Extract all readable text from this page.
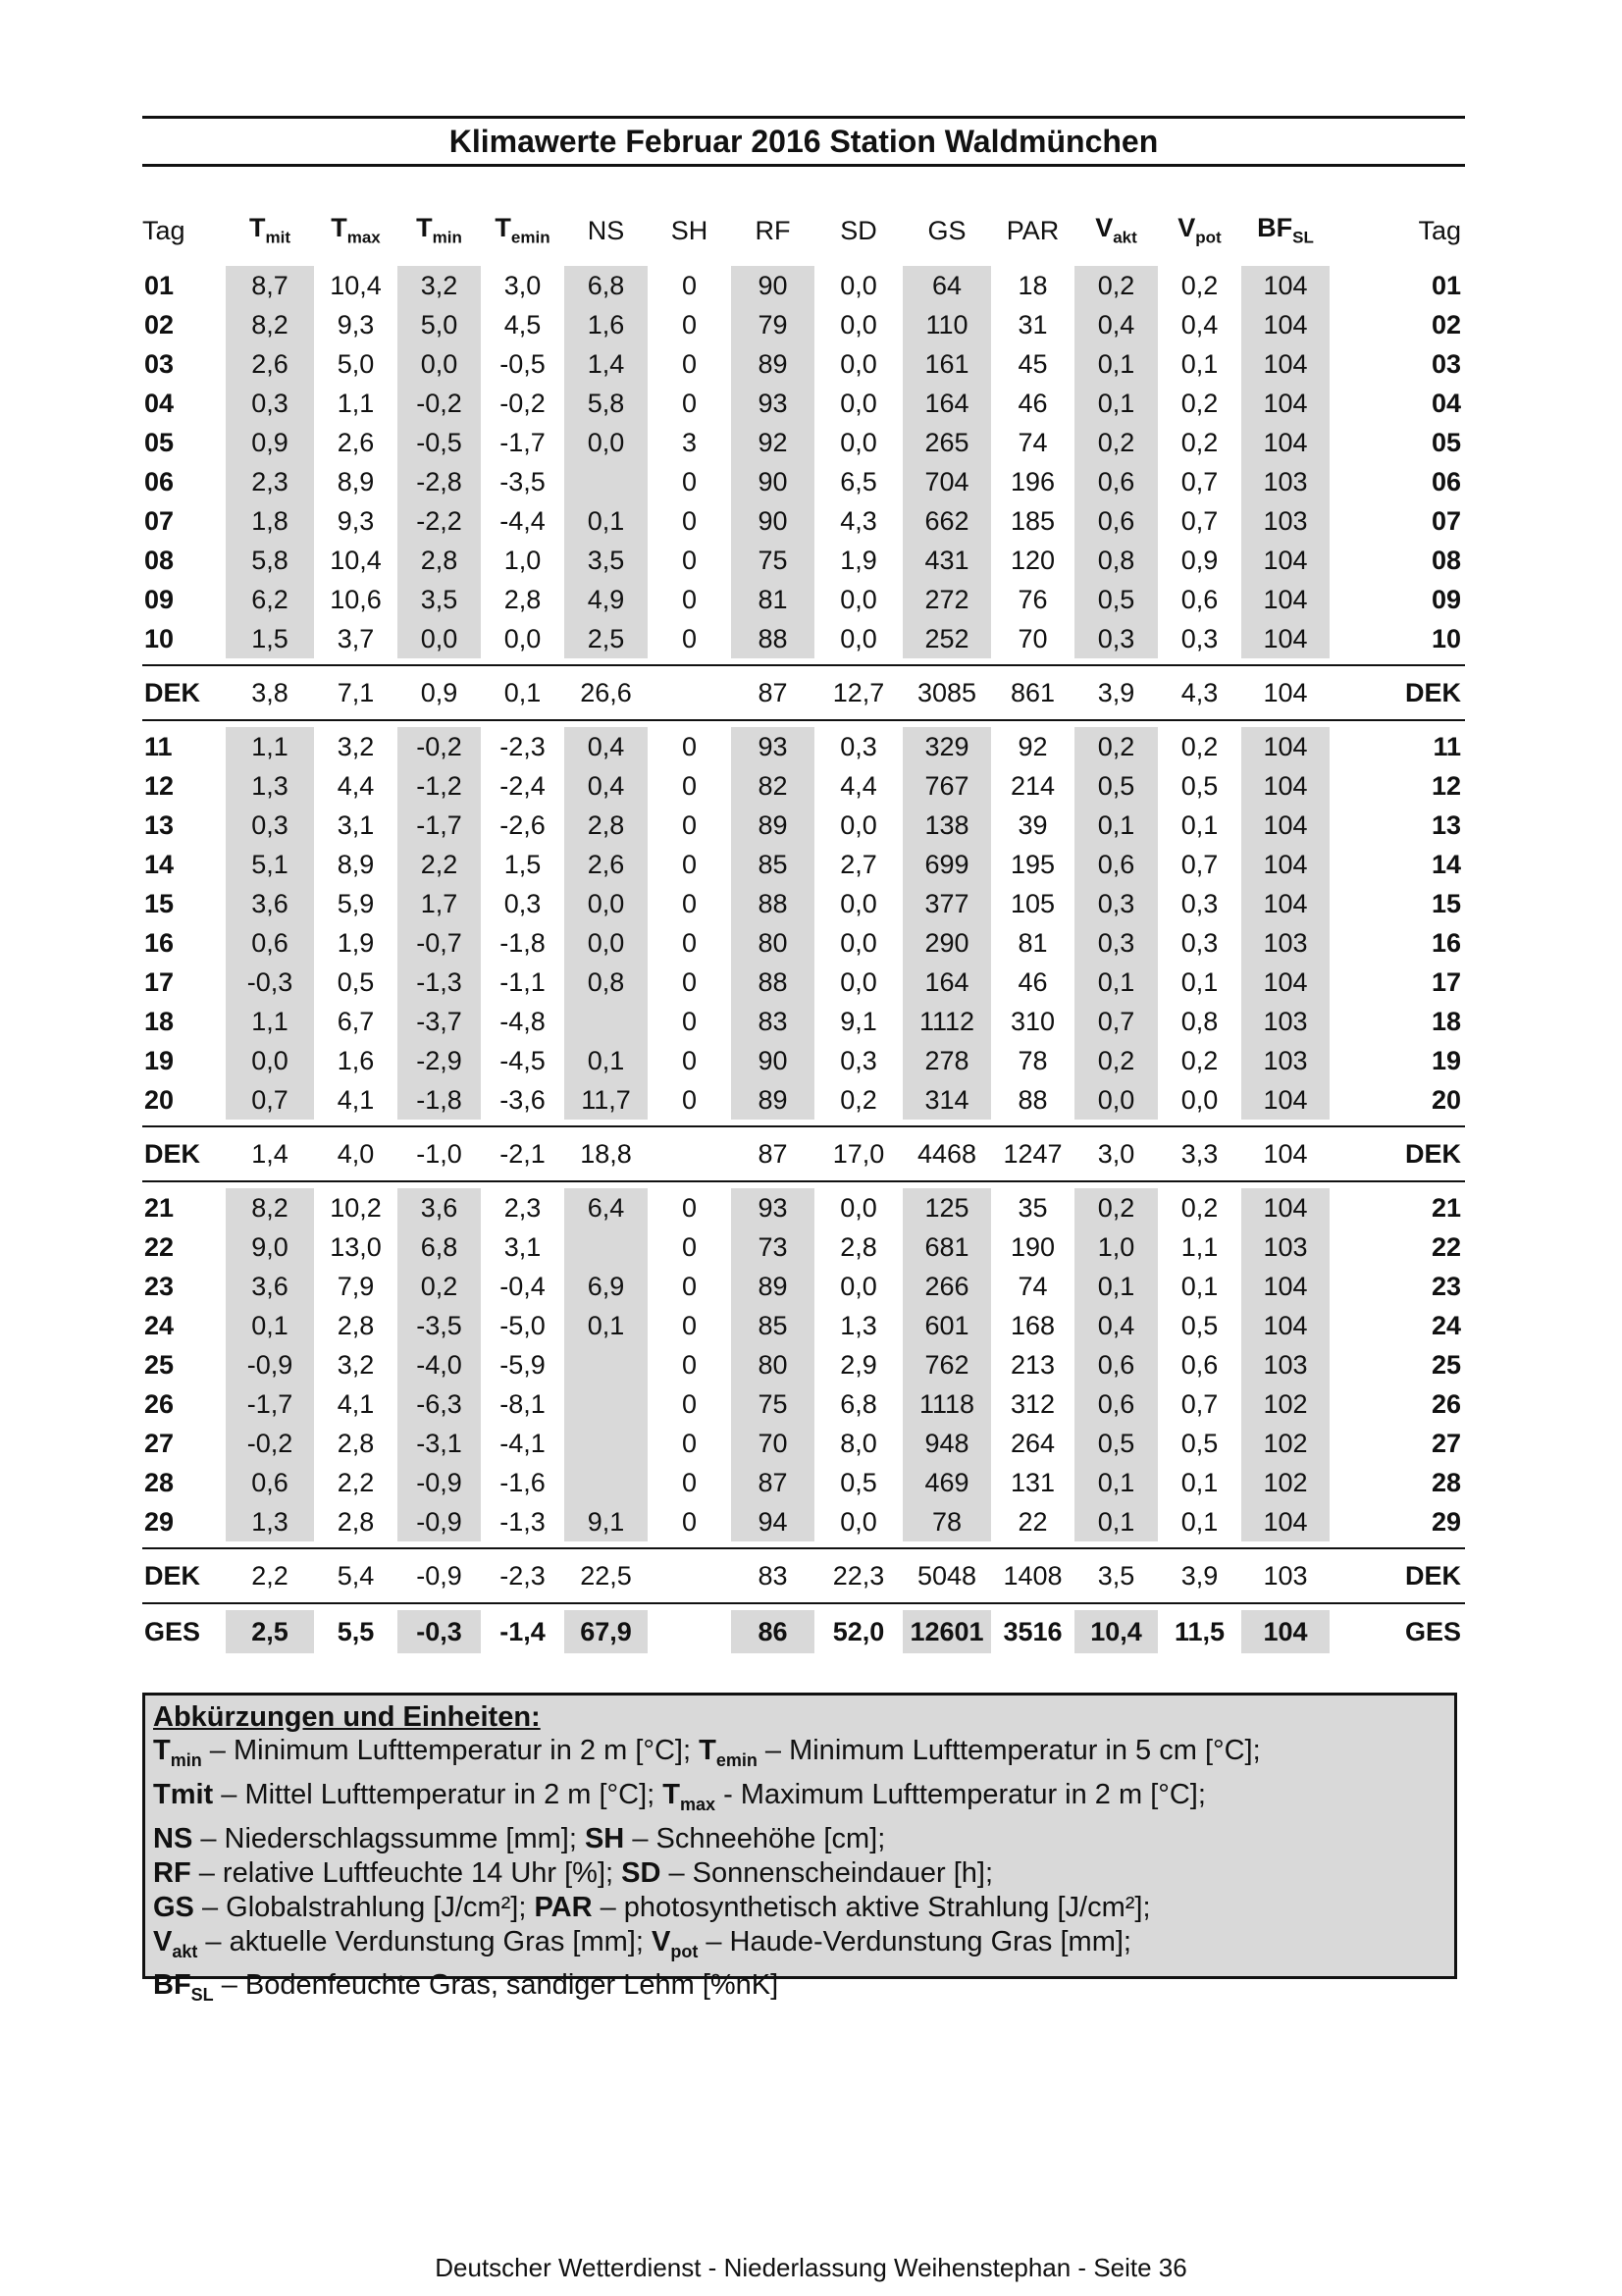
Klimawerte Februar 2016 Station Waldmünchen
Tag	$T_{mit}$	$T_{max}$	$T_{min}$	$T_{emin}$	NS	SH	RF	SD	GS	PAR	$V_{akt}$	$V_{pot}$	$BF_{SL}$	Tag

01	8,7	10,4	3,2	3,0	6,8	0	90	0,0	64	18	0,2	0,2	104	01
02	8,2	9,3	5,0	4,5	1,6	0	79	0,0	110	31	0,4	0,4	104	02
03	2,6	5,0	0,0	-0,5	1,4	0	89	0,0	161	45	0,1	0,1	104	03
04	0,3	1,1	-0,2	-0,2	5,8	0	93	0,0	164	46	0,1	0,2	104	04
05	0,9	2,6	-0,5	-1,7	0,0	3	92	0,0	265	74	0,2	0,2	104	05
06	2,3	8,9	-2,8	-3,5		0	90	6,5	704	196	0,6	0,7	103	06
07	1,8	9,3	-2,2	-4,4	0,1	0	90	4,3	662	185	0,6	0,7	103	07
08	5,8	10,4	2,8	1,0	3,5	0	75	1,9	431	120	0,8	0,9	104	08
09	6,2	10,6	3,5	2,8	4,9	0	81	0,0	272	76	0,5	0,6	104	09
10	1,5	3,7	0,0	0,0	2,5	0	88	0,0	252	70	0,3	0,3	104	10

DEK	3,8	7,1	0,9	0,1	26,6		87	12,7	3085	861	3,9	4,3	104	DEK

11	1,1	3,2	-0,2	-2,3	0,4	0	93	0,3	329	92	0,2	0,2	104	11
12	1,3	4,4	-1,2	-2,4	0,4	0	82	4,4	767	214	0,5	0,5	104	12
13	0,3	3,1	-1,7	-2,6	2,8	0	89	0,0	138	39	0,1	0,1	104	13
14	5,1	8,9	2,2	1,5	2,6	0	85	2,7	699	195	0,6	0,7	104	14
15	3,6	5,9	1,7	0,3	0,0	0	88	0,0	377	105	0,3	0,3	104	15
16	0,6	1,9	-0,7	-1,8	0,0	0	80	0,0	290	81	0,3	0,3	103	16
17	-0,3	0,5	-1,3	-1,1	0,8	0	88	0,0	164	46	0,1	0,1	104	17
18	1,1	6,7	-3,7	-4,8		0	83	9,1	1112	310	0,7	0,8	103	18
19	0,0	1,6	-2,9	-4,5	0,1	0	90	0,3	278	78	0,2	0,2	103	19
20	0,7	4,1	-1,8	-3,6	11,7	0	89	0,2	314	88	0,0	0,0	104	20

DEK	1,4	4,0	-1,0	-2,1	18,8		87	17,0	4468	1247	3,0	3,3	104	DEK

21	8,2	10,2	3,6	2,3	6,4	0	93	0,0	125	35	0,2	0,2	104	21
22	9,0	13,0	6,8	3,1		0	73	2,8	681	190	1,0	1,1	103	22
23	3,6	7,9	0,2	-0,4	6,9	0	89	0,0	266	74	0,1	0,1	104	23
24	0,1	2,8	-3,5	-5,0	0,1	0	85	1,3	601	168	0,4	0,5	104	24
25	-0,9	3,2	-4,0	-5,9		0	80	2,9	762	213	0,6	0,6	103	25
26	-1,7	4,1	-6,3	-8,1		0	75	6,8	1118	312	0,6	0,7	102	26
27	-0,2	2,8	-3,1	-4,1		0	70	8,0	948	264	0,5	0,5	102	27
28	0,6	2,2	-0,9	-1,6		0	87	0,5	469	131	0,1	0,1	102	28
29	1,3	2,8	-0,9	-1,3	9,1	0	94	0,0	78	22	0,1	0,1	104	29

DEK	2,2	5,4	-0,9	-2,3	22,5		83	22,3	5048	1408	3,5	3,9	103	DEK

GES	2,5	5,5	-0,3	-1,4	67,9		86	52,0	12601	3516	10,4	11,5	104	GES
Abkürzungen und Einheiten:
$T_{min}$ – Minimum Lufttemperatur in 2 m [°C]; $T_{emin}$ – Minimum Lufttemperatur in 5 cm [°C];
Tmit – Mittel Lufttemperatur in 2 m [°C]; $T_{max}$ - Maximum Lufttemperatur in 2 m [°C];
NS – Niederschlagssumme [mm]; SH – Schneehöhe [cm];
RF – relative Luftfeuchte 14 Uhr [%]; SD – Sonnenscheindauer [h];
GS – Globalstrahlung [J/cm²]; PAR – photosynthetisch aktive Strahlung [J/cm²];
$V_{akt}$ – aktuelle Verdunstung Gras [mm]; $V_{pot}$ – Haude-Verdunstung Gras [mm];
$BF_{SL}$ – Bodenfeuchte Gras, sandiger Lehm [%nK]
Deutscher Wetterdienst - Niederlassung Weihenstephan - Seite 36
